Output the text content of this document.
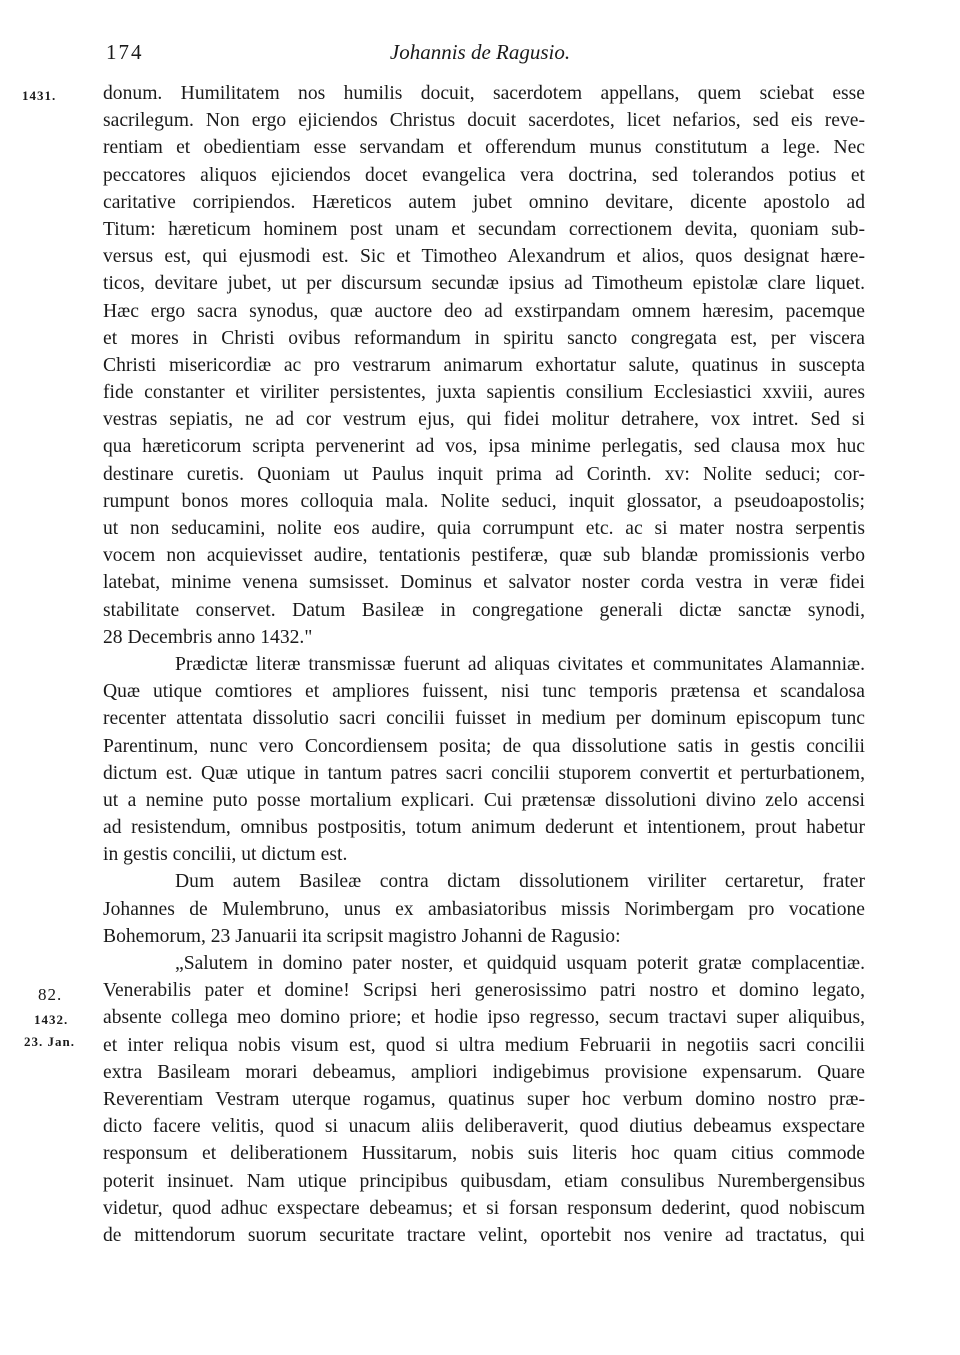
174	Johannis de Ragusio.
1431.
82.
1432.
23. Jan.
donum. Humilitatem nos humilis docuit, sacerdotem appellans, quem sciebat esse
sacrilegum. Non ergo ejiciendos Christus docuit sacerdotes, licet nefarios, sed eis reve-
rentiam et obedientiam esse servandam et offerendum munus constitutum a lege. Nec
peccatores aliquos ejiciendos docet evangelica vera doctrina, sed tolerandos potius et
caritative corripiendos. Hæreticos autem jubet omnino devitare, dicente apostolo ad
Titum: hæreticum hominem post unam et secundam correctionem devita, quoniam sub-
versus est, qui ejusmodi est. Sic et Timotheo Alexandrum et alios, quos designat hære-
ticos, devitare jubet, ut per discursum secundæ ipsius ad Timotheum epistolæ clare liquet.
Hæc ergo sacra synodus, quæ auctore deo ad exstirpandam omnem hæresim, pacemque
et mores in Christi ovibus reformandum in spiritu sancto congregata est, per viscera
Christi misericordiæ ac pro vestrarum animarum exhortatur salute, quatinus in suscepta
fide constanter et viriliter persistentes, juxta sapientis consilium Ecclesiastici xxviii, aures
vestras sepiatis, ne ad cor vestrum ejus, qui fidei molitur detrahere, vox intret. Sed si
qua hæreticorum scripta pervenerint ad vos, ipsa minime perlegatis, sed clausa mox huc
destinare curetis. Quoniam ut Paulus inquit prima ad Corinth. xv: Nolite seduci; cor-
rumpunt bonos mores colloquia mala. Nolite seduci, inquit glossator, a pseudoapostolis;
ut non seducamini, nolite eos audire, quia corrumpunt etc. ac si mater nostra serpentis
vocem non acquievisset audire, tentationis pestiferæ, quæ sub blandæ promissionis verbo
latebat, minime venena sumsisset. Dominus et salvator noster corda vestra in veræ fidei
stabilitate conservet. Datum Basileæ in congregatione generali dictæ sanctæ synodi,
28 Decembris anno 1432."
Prædictæ literæ transmissæ fuerunt ad aliquas civitates et communitates Alamanniæ.
Quæ utique comtiores et ampliores fuissent, nisi tunc temporis prætensa et scandalosa
recenter attentata dissolutio sacri concilii fuisset in medium per dominum episcopum tunc
Parentinum, nunc vero Concordiensem posita; de qua dissolutione satis in gestis concilii
dictum est. Quæ utique in tantum patres sacri concilii stuporem convertit et perturbationem,
ut a nemine puto posse mortalium explicari. Cui prætensæ dissolutioni divino zelo accensi
ad resistendum, omnibus postpositis, totum animum dederunt et intentionem, prout habetur
in gestis concilii, ut dictum est.
Dum autem Basileæ contra dictam dissolutionem viriliter certaretur, frater
Johannes de Mulembruno, unus ex ambasiatoribus missis Norimbergam pro vocatione
Bohemorum, 23 Januarii ita scripsit magistro Johanni de Ragusio:
„Salutem in domino pater noster, et quidquid usquam poterit gratæ complacentiæ.
Venerabilis pater et domine! Scripsi heri generosissimo patri nostro et domino legato,
absente collega meo domino priore; et hodie ipso regresso, secum tractavi super aliquibus,
et inter reliqua nobis visum est, quod si ultra medium Februarii in negotiis sacri concilii
extra Basileam morari debeamus, ampliori indigebimus provisione expensarum. Quare
Reverentiam Vestram uterque rogamus, quatinus super hoc verbum domino nostro præ-
dicto facere velitis, quod si unacum aliis deliberaverit, quod diutius debeamus exspectare
responsum et deliberationem Hussitarum, nobis suis literis hoc quam citius commode
poterit insinuet. Nam utique principibus quibusdam, etiam consulibus Nurembergensibus
videtur, quod adhuc exspectare debeamus; et si forsan responsum dederint, quod nobiscum
de mittendorum suorum securitate tractare velint, oportebit nos venire ad tractatus, qui
